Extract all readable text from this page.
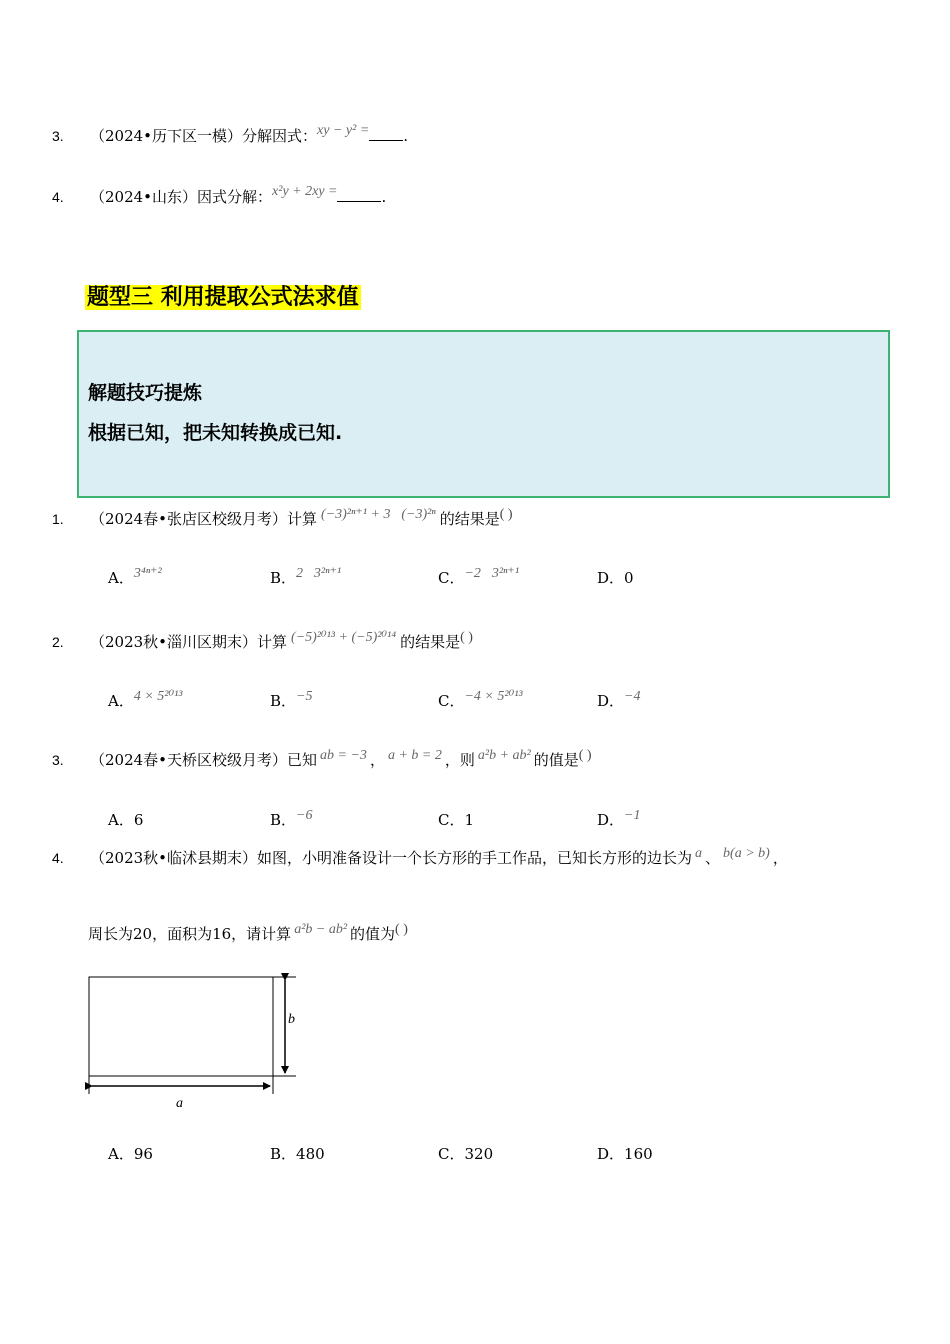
3. （2024•历下区一模）分解因式：xy − y² = .
4. （2024•山东）因式分解：x²y + 2xy =	.
题型三 利用提取公式法求值
解题技巧提炼
根据已知，把未知转换成已知.
1. （2024春•张店区校级月考）计算 (−3)²ⁿ⁺¹ + 3⃞(−3)²ⁿ 的结果是( )
A．3⁴ⁿ⁺²	B．2⃞3²ⁿ⁺¹	C．−2⃞3²ⁿ⁺¹	D．0
2. （2023秋•淄川区期末）计算 (−5)²⁰¹³ + (−5)²⁰¹⁴ 的结果是( )
A．4 × 5²⁰¹³	B．−5	C．−4 × 5²⁰¹³	D．−4
3. （2024春•天桥区校级月考）已知 ab = −3 ， a + b = 2 ，则 a²b + ab² 的值是( )
A．6	B．−6	C．1	D．−1
4. （2023秋•临沭县期末）如图，小明准备设计一个长方形的手工作品，已知长方形的边长为 a 、 b(a > b) ，
周长为20，面积为16，请计算 a²b − ab² 的值为( )
b
a
A．96	B．480	C．320	D．160
